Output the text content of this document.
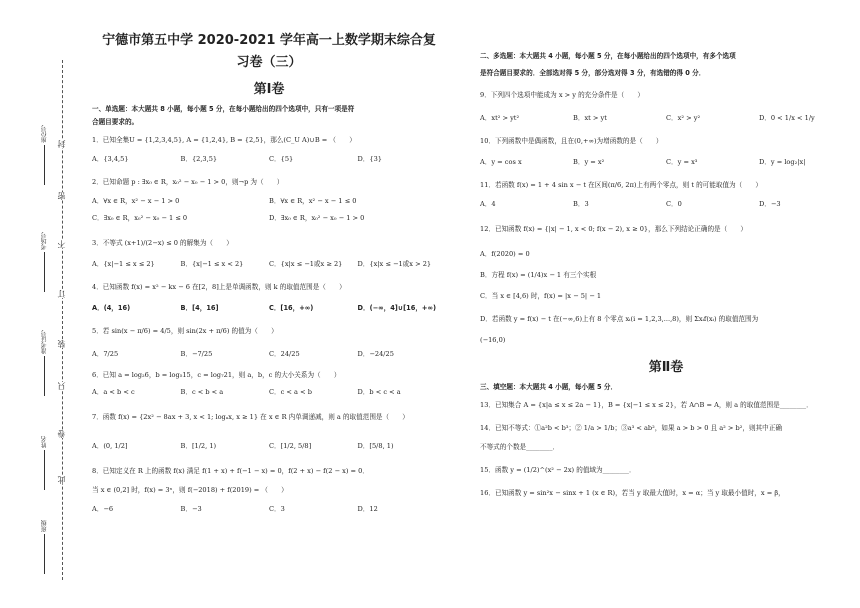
封
密
不
订
装
只
卷
此
座位号
考场号
准考证号
姓名
班级
宁德市第五中学 2020-2021 学年高一上数学期末综合复
习卷（三）
第Ⅰ卷
一、单选题：本大题共 8 小题，每小题 5 分，在每小题给出的四个选项中，只有一项是符
合题目要求的。
1．已知全集U = {1,2,3,4,5}, A = {1,2,4}, B = {2,5}，那么(C_U A)∪B = （　　）
A．{3,4,5}	B．{2,3,5}	C．{5}	D．{3}
2．已知命题 p : ∃x₀ ∈ R，x₀² − x₀ − 1 > 0，则¬p 为（　　）
A．∀x ∈ R，x² − x − 1 > 0	B．∀x ∈ R，x² − x − 1 ≤ 0
C．∃x₀ ∈ R，x₀² − x₀ − 1 ≤ 0	D．∃x₀ ∈ R，x₀² − x₀ − 1 > 0
3．不等式 (x+1)/(2−x) ≤ 0 的解集为（　　）
A．{x|−1 ≤ x ≤ 2}	B．{x|−1 ≤ x < 2}	C．{x|x ≤ −1或x ≥ 2}	D．{x|x ≤ −1或x > 2}
4．已知函数 f(x) = x² − kx − 6 在[2，8]上是单调函数，则 k 的取值范围是（　　）
A．(4，16)	B．[4，16]	C．[16，+∞)	D．(−∞，4]∪[16，+∞)
5．若 sin(x − π/6) = 4/5，则 sin(2x + π/6) 的值为（　　）
A．7/25	B．−7/25	C．24/25	D．−24/25
6．已知 a = log₂6，b = log₅15，c = log₇21，则 a，b，c 的大小关系为（　　）
A．a < b < c	B．c < b < a	C．c < a < b	D．b < c < a
7．函数 f(x) = {2x² − 8ax + 3, x < 1; logₐx, x ≥ 1} 在 x ∈ R 内单调递减，则 a 的取值范围是（　　）
A．(0, 1/2]	B．[1/2, 1)	C．[1/2, 5/8]	D．[5/8, 1)
8．已知定义在 R 上的函数 f(x) 满足 f(1 + x) + f(−1 − x) = 0，f(2 + x) − f(2 − x) = 0．
当 x ∈ (0,2] 时，f(x) = 3ˣ，则 f(−2018) + f(2019) = （　　）
A．−6	B．−3	C．3	D．12
二、多选题：本大题共 4 小题，每小题 5 分，在每小题给出的四个选项中，有多个选项
是符合题目要求的．全部选对得 5 分，部分选对得 3 分，有选错的得 0 分．
9．下列四个选项中能成为 x > y 的充分条件是（　　）
A．xt² > yt²	B．xt > yt	C．x² > y²	D．0 < 1/x < 1/y
10．下列函数中是偶函数，且在(0,+∞)为增函数的是（　　）
A．y = cos x	B．y = x²	C．y = x³	D．y = log₂|x|
11．若函数 f(x) = 1 + 4 sin x − t 在区间(π/6, 2π)上有两个零点，则 t 的可能取值为（　　）
A．4	B．3	C．0	D．−3
12．已知函数 f(x) = {|x| − 1, x < 0; f(x − 2), x ≥ 0}，那么下列结论正确的是（　　）
A．f(2020) = 0
B．方程 f(x) = (1/4)x − 1 有三个实根
C．当 x ∈ [4,6) 时，f(x) = |x − 5| − 1
D．若函数 y = f(x) − t 在(−∞,6)上有 8 个零点 xᵢ(i = 1,2,3,...,8)，则 Σxᵢf(xᵢ) 的取值范围为
(−16,0)
第Ⅱ卷
三、填空题：本大题共 4 小题，每小题 5 分．
13．已知集合 A = {x|a ≤ x ≤ 2a − 1}，B = {x|−1 ≤ x ≤ 2}，若 A∩B = A，则 a 的取值范围是________．
14．已知不等式：①a²b < b³；② 1/a > 1/b；③a³ < ab²，如果 a > b > 0 且 a² > b²，则其中正确
不等式的个数是________．
15．函数 y = (1/2)^(x² − 2x) 的值域为________．
16．已知函数 y = sin²x − sinx + 1 (x ∈ R)，若当 y 取最大值时，x = α；当 y 取最小值时，x = β，
